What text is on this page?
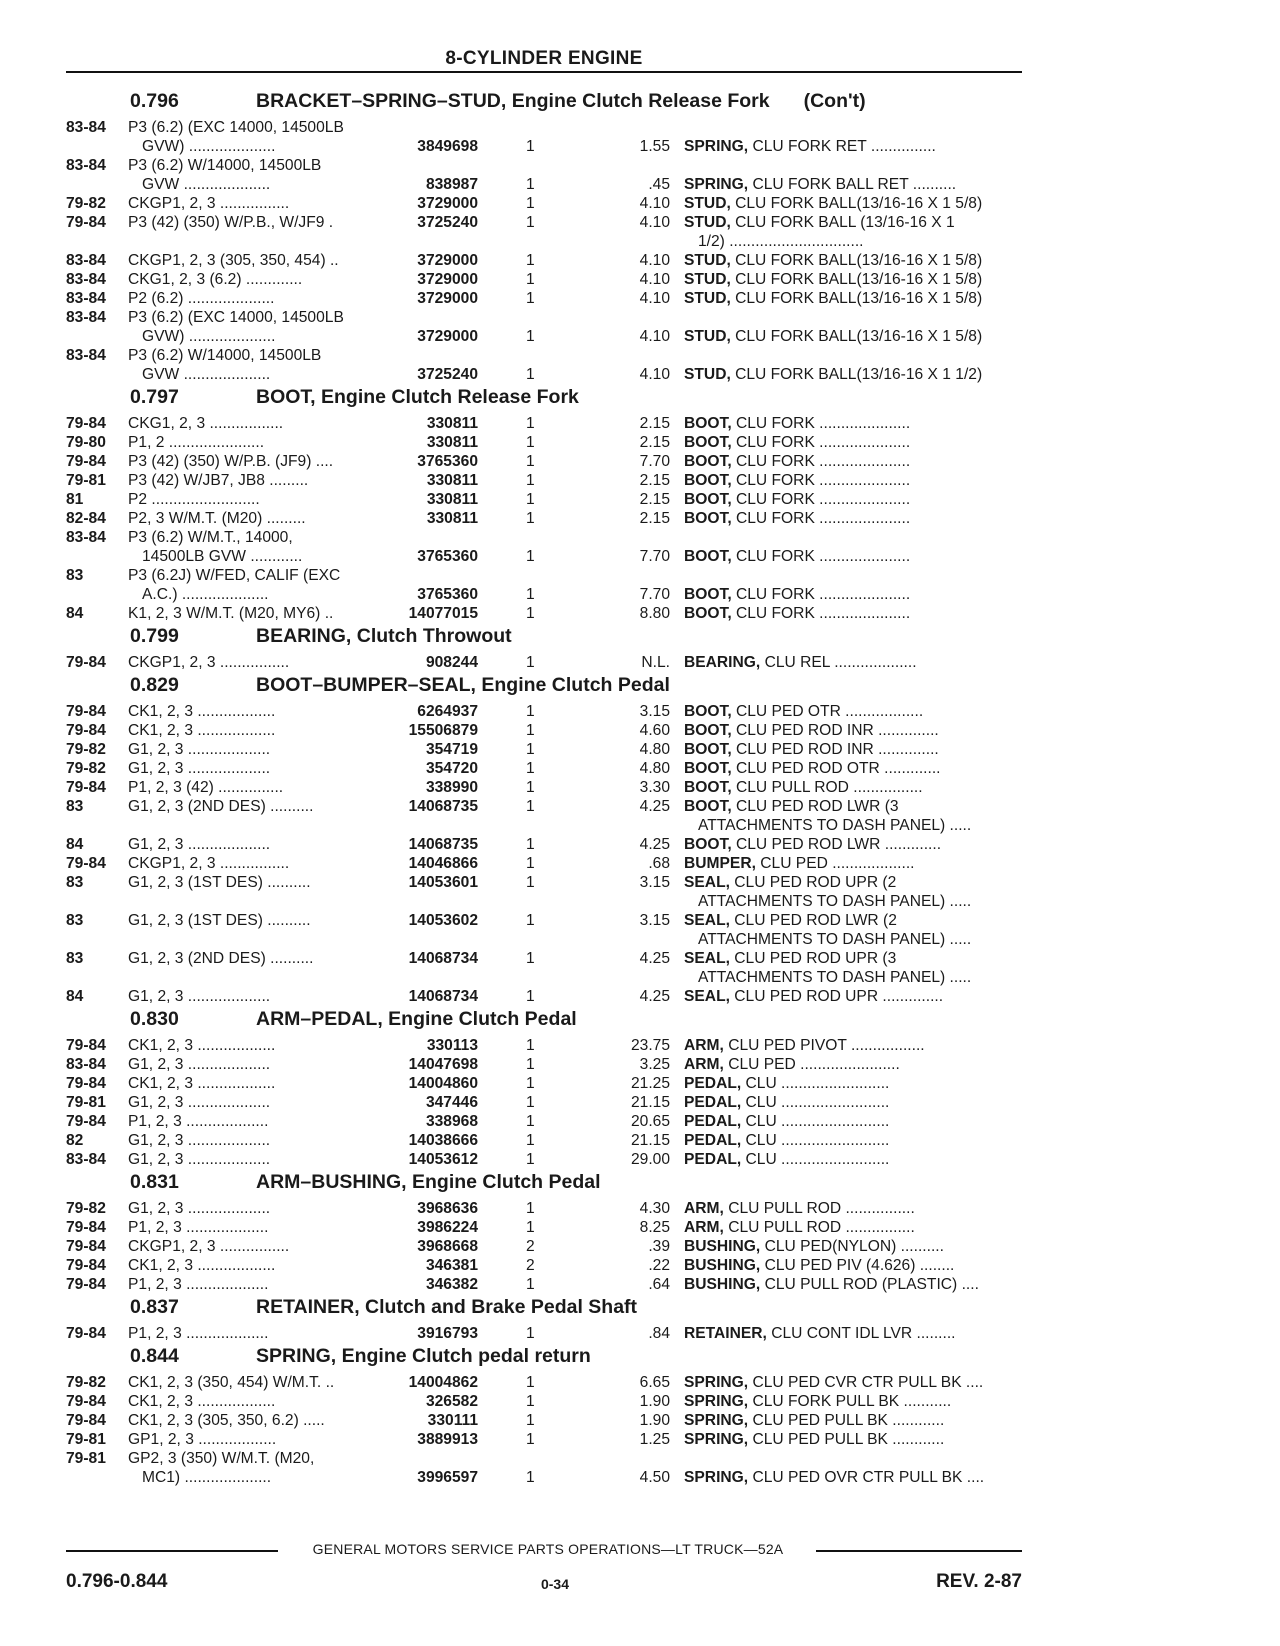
8-CYLINDER ENGINE
0.796	BRACKET–SPRING–STUD, Engine Clutch Release Fork (Con't)
83-84 P3 (6.2) (EXC 14000, 14500LB
GVW) ....................	3849698	1	1.55 SPRING, CLU FORK RET ...............
83-84 P3 (6.2) W/14000, 14500LB
GVW ....................	838987	1	.45 SPRING, CLU FORK BALL RET ..........
79-82 CKGP1, 2, 3 ................	3729000	1	4.10 STUD, CLU FORK BALL(13/16-16 X 1 5/8)
79-84 P3 (42) (350) W/P.B., W/JF9 .	3725240	1	4.10 STUD, CLU FORK BALL (13/16-16 X 1
1/2) ...............................
83-84 CKGP1, 2, 3 (305, 350, 454) ..	3729000	1	4.10 STUD, CLU FORK BALL(13/16-16 X 1 5/8)
83-84 CKG1, 2, 3 (6.2) .............	3729000	1	4.10 STUD, CLU FORK BALL(13/16-16 X 1 5/8)
83-84 P2 (6.2) ....................	3729000	1	4.10 STUD, CLU FORK BALL(13/16-16 X 1 5/8)
83-84 P3 (6.2) (EXC 14000, 14500LB
GVW) ....................	3729000	1	4.10 STUD, CLU FORK BALL(13/16-16 X 1 5/8)
83-84 P3 (6.2) W/14000, 14500LB
GVW ....................	3725240	1	4.10 STUD, CLU FORK BALL(13/16-16 X 1 1/2)
0.797	BOOT, Engine Clutch Release Fork
79-84 CKG1, 2, 3 .................	330811	1	2.15 BOOT, CLU FORK .....................
79-80 P1, 2 ......................	330811	1	2.15 BOOT, CLU FORK .....................
79-84 P3 (42) (350) W/P.B. (JF9) ....	3765360	1	7.70 BOOT, CLU FORK .....................
79-81 P3 (42) W/JB7, JB8 .........	330811	1	2.15 BOOT, CLU FORK .....................
81	P2 .........................	330811	1	2.15 BOOT, CLU FORK .....................
82-84 P2, 3 W/M.T. (M20) .........	330811	1	2.15 BOOT, CLU FORK .....................
83-84 P3 (6.2) W/M.T., 14000,
14500LB GVW ............	3765360	1	7.70 BOOT, CLU FORK .....................
83	P3 (6.2J) W/FED, CALIF (EXC
A.C.) ....................	3765360	1	7.70 BOOT, CLU FORK .....................
84	K1, 2, 3 W/M.T. (M20, MY6) ..	14077015	1	8.80 BOOT, CLU FORK .....................
0.799	BEARING, Clutch Throwout
79-84 CKGP1, 2, 3 ................	908244	1	N.L. BEARING, CLU REL ...................
0.829	BOOT–BUMPER–SEAL, Engine Clutch Pedal
79-84 CK1, 2, 3 ..................	6264937	1	3.15 BOOT, CLU PED OTR ..................
79-84 CK1, 2, 3 ..................	15506879	1	4.60 BOOT, CLU PED ROD INR ..............
79-82 G1, 2, 3 ...................	354719	1	4.80 BOOT, CLU PED ROD INR ..............
79-82 G1, 2, 3 ...................	354720	1	4.80 BOOT, CLU PED ROD OTR .............
79-84 P1, 2, 3 (42) ...............	338990	1	3.30 BOOT, CLU PULL ROD ................
83	G1, 2, 3 (2ND DES) ..........	14068735	1	4.25 BOOT, CLU PED ROD LWR (3
ATTACHMENTS TO DASH PANEL) .....
84	G1, 2, 3 ...................	14068735	1	4.25 BOOT, CLU PED ROD LWR .............
79-84 CKGP1, 2, 3 ................	14046866	1	.68 BUMPER, CLU PED ...................
83	G1, 2, 3 (1ST DES) ..........	14053601	1	3.15 SEAL, CLU PED ROD UPR (2
ATTACHMENTS TO DASH PANEL) .....
83	G1, 2, 3 (1ST DES) ..........	14053602	1	3.15 SEAL, CLU PED ROD LWR (2
ATTACHMENTS TO DASH PANEL) .....
83	G1, 2, 3 (2ND DES) ..........	14068734	1	4.25 SEAL, CLU PED ROD UPR (3
ATTACHMENTS TO DASH PANEL) .....
84	G1, 2, 3 ...................	14068734	1	4.25 SEAL, CLU PED ROD UPR ..............
0.830	ARM–PEDAL, Engine Clutch Pedal
79-84 CK1, 2, 3 ..................	330113	1	23.75 ARM, CLU PED PIVOT .................
83-84 G1, 2, 3 ...................	14047698	1	3.25 ARM, CLU PED .......................
79-84 CK1, 2, 3 ..................	14004860	1	21.25 PEDAL, CLU .........................
79-81 G1, 2, 3 ...................	347446	1	21.15 PEDAL, CLU .........................
79-84 P1, 2, 3 ...................	338968	1	20.65 PEDAL, CLU .........................
82	G1, 2, 3 ...................	14038666	1	21.15 PEDAL, CLU .........................
83-84 G1, 2, 3 ...................	14053612	1	29.00 PEDAL, CLU .........................
0.831	ARM–BUSHING, Engine Clutch Pedal
79-82 G1, 2, 3 ...................	3968636	1	4.30 ARM, CLU PULL ROD ................
79-84 P1, 2, 3 ...................	3986224	1	8.25 ARM, CLU PULL ROD ................
79-84 CKGP1, 2, 3 ................	3968668	2	.39 BUSHING, CLU PED(NYLON) ..........
79-84 CK1, 2, 3 ..................	346381	2	.22 BUSHING, CLU PED PIV (4.626) ........
79-84 P1, 2, 3 ...................	346382	1	.64 BUSHING, CLU PULL ROD (PLASTIC) ....
0.837	RETAINER, Clutch and Brake Pedal Shaft
79-84 P1, 2, 3 ...................	3916793	1	.84 RETAINER, CLU CONT IDL LVR .........
0.844	SPRING, Engine Clutch pedal return
79-82 CK1, 2, 3 (350, 454) W/M.T. ..	14004862	1	6.65 SPRING, CLU PED CVR CTR PULL BK ....
79-84 CK1, 2, 3 ..................	326582	1	1.90 SPRING, CLU FORK PULL BK ...........
79-84 CK1, 2, 3 (305, 350, 6.2) .....	330111	1	1.90 SPRING, CLU PED PULL BK ............
79-81 GP1, 2, 3 ..................	3889913	1	1.25 SPRING, CLU PED PULL BK ............
79-81 GP2, 3 (350) W/M.T. (M20,
MC1) ....................	3996597	1	4.50 SPRING, CLU PED OVR CTR PULL BK ....
GENERAL MOTORS SERVICE PARTS OPERATIONS—LT TRUCK—52A
0.796-0.844	0-34	REV. 2-87
